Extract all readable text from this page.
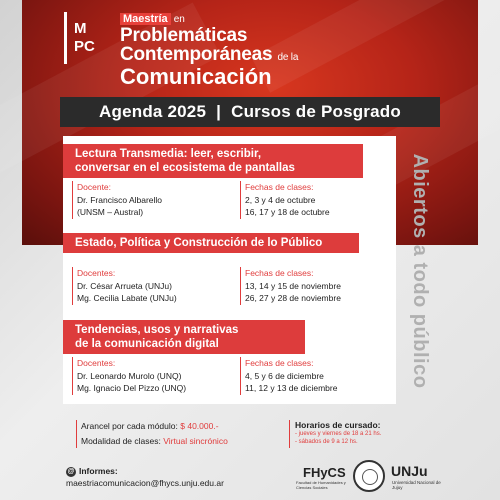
M
PC
Maestría en
Problemáticas
Contemporáneas de la
Comunicación
Agenda 2025 | Cursos de Posgrado
Abiertos a todo público
Lectura Transmedia: leer, escribir,
conversar en el ecosistema de pantallas
Docente:
Dr. Francisco Albarello
(UNSM – Austral)
Fechas de clases:
2, 3 y 4 de octubre
16, 17 y 18 de octubre
Estado, Política y Construcción de lo Público
Docentes:
Dr. César Arrueta (UNJu)
Mg. Cecilia Labate (UNJu)
Fechas de clases:
13, 14 y 15 de noviembre
26, 27 y 28 de noviembre
Tendencias, usos y narrativas
de la comunicación digital
Docentes:
Dr. Leonardo Murolo (UNQ)
Mg. Ignacio Del Pizzo (UNQ)
Fechas de clases:
4, 5 y 6 de diciembre
11, 12 y 13 de diciembre
Arancel por cada módulo: $ 40.000.-
Modalidad de clases: Virtual sincrónico
Horarios de cursado:
- jueves y viernes de 18 a 21 hs.
- sábados de 9 a 12 hs.
@ Informes:
maestriacomunicacion@fhycs.unju.edu.ar
FHyCS
Facultad de Humanidades y Ciencias Sociales
UNJu
Universidad Nacional de Jujuy
